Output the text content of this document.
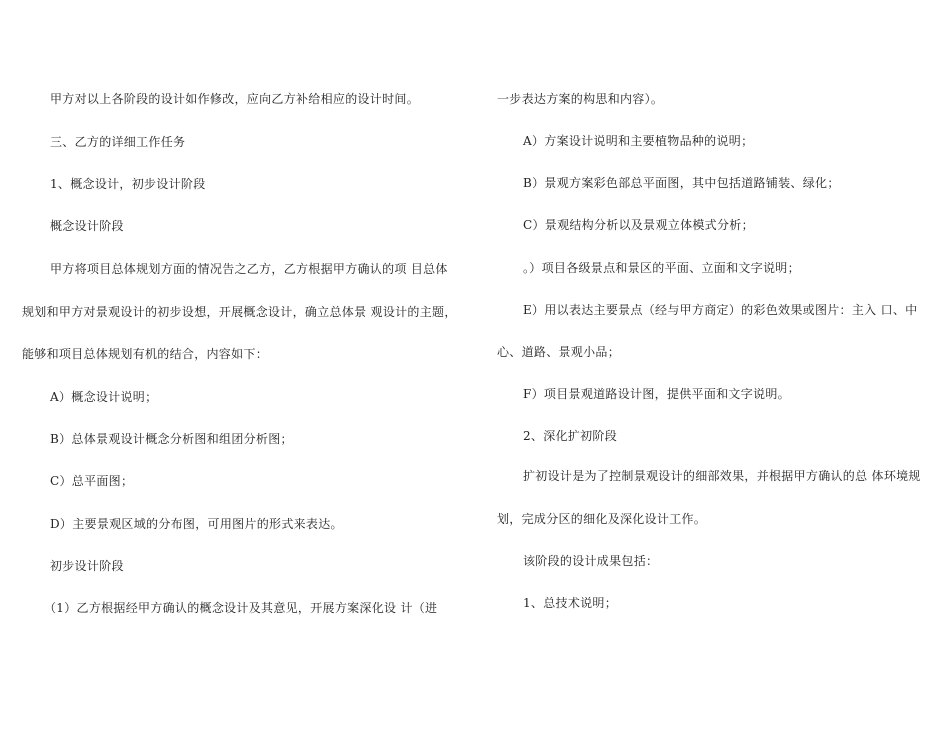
甲方对以上各阶段的设计如作修改，应向乙方补给相应的设计时间。

三、乙方的详细工作任务

1、概念设计，初步设计阶段

概念设计阶段

甲方将项目总体规划方面的情况告之乙方，乙方根据甲方确认的项 目总体

规划和甲方对景观设计的初步设想，开展概念设计，确立总体景 观设计的主题，

能够和项目总体规划有机的结合，内容如下：

A）概念设计说明；

B）总体景观设计概念分析图和组团分析图；

C）总平面图；

D）主要景观区域的分布图，可用图片的形式来表达。

初步设计阶段

（1）乙方根据经甲方确认的概念设计及其意见，开展方案深化设 计（进

一步表达方案的构思和内容）。

A）方案设计说明和主要植物品种的说明；

B）景观方案彩色部总平面图，其中包括道路铺装、绿化；

C）景观结构分析以及景观立体模式分析；

。）项目各级景点和景区的平面、立面和文字说明；

E）用以表达主要景点（经与甲方商定）的彩色效果或图片：主入 口、中

心、道路、景观小品；

F）项目景观道路设计图，提供平面和文字说明。

2、深化扩初阶段

扩初设计是为了控制景观设计的细部效果，并根据甲方确认的总 体环境规

划，完成分区的细化及深化设计工作。

该阶段的设计成果包括：

1、总技术说明；
